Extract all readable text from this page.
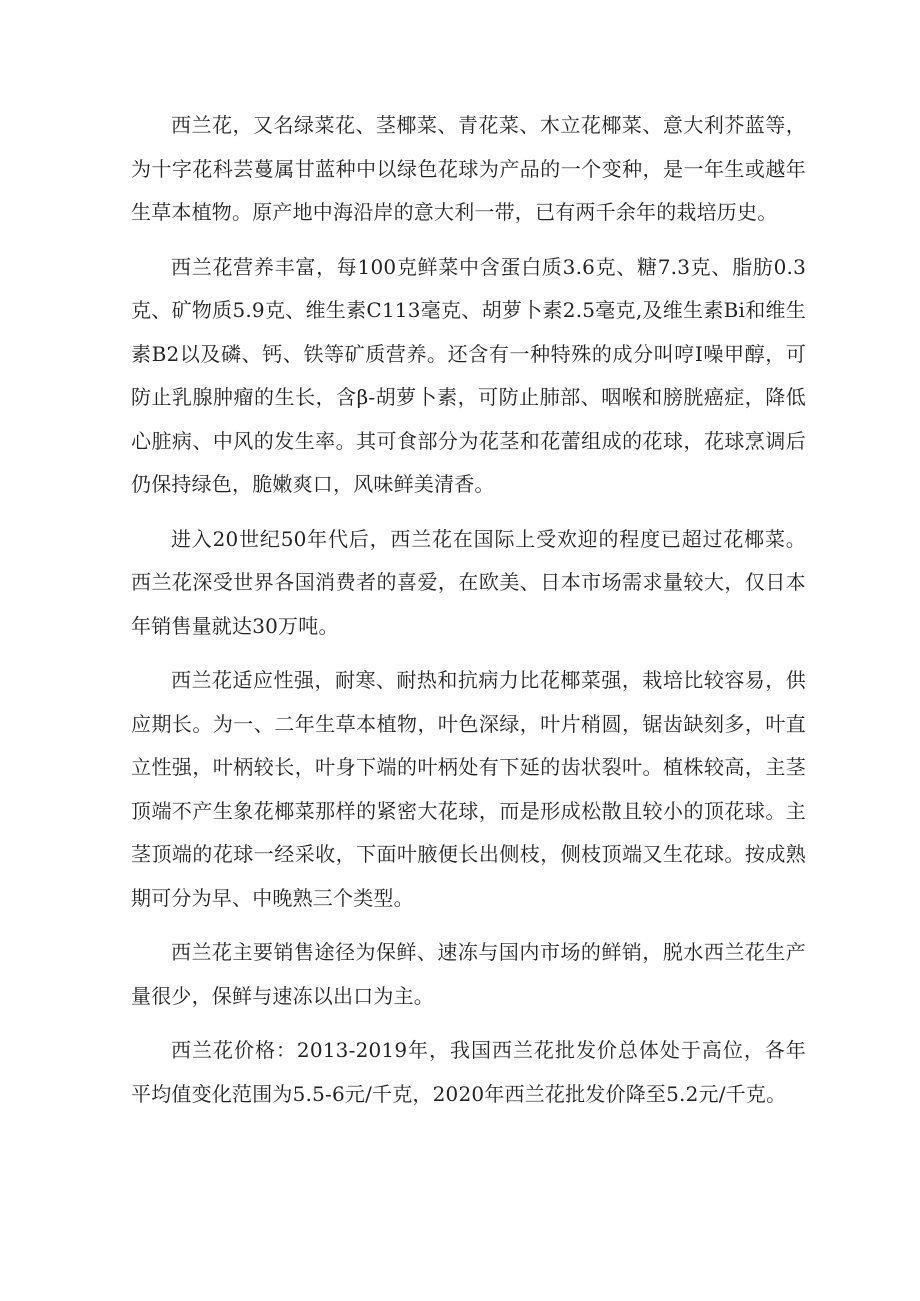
西兰花，又名绿菜花、茎椰菜、青花菜、木立花椰菜、意大利芥蓝等，为十字花科芸蔓属甘蓝种中以绿色花球为产品的一个变种，是一年生或越年生草本植物。原产地中海沿岸的意大利一带，已有两千余年的栽培历史。

西兰花营养丰富，每100克鲜菜中含蛋白质3.6克、糖7.3克、脂肪0.3克、矿物质5.9克、维生素C113毫克、胡萝卜素2.5毫克,及维生素Bi和维生素B2以及磷、钙、铁等矿质营养。还含有一种特殊的成分叫哼I噪甲醇，可防止乳腺肿瘤的生长，含β-胡萝卜素，可防止肺部、咽喉和膀胱癌症，降低心脏病、中风的发生率。其可食部分为花茎和花蕾组成的花球，花球烹调后仍保持绿色，脆嫩爽口，风味鲜美清香。

进入20世纪50年代后，西兰花在国际上受欢迎的程度已超过花椰菜。西兰花深受世界各国消费者的喜爱，在欧美、日本市场需求量较大，仅日本年销售量就达30万吨。

西兰花适应性强，耐寒、耐热和抗病力比花椰菜强，栽培比较容易，供应期长。为一、二年生草本植物，叶色深绿，叶片稍圆，锯齿缺刻多，叶直立性强，叶柄较长，叶身下端的叶柄处有下延的齿状裂叶。植株较高，主茎顶端不产生象花椰菜那样的紧密大花球，而是形成松散且较小的顶花球。主茎顶端的花球一经采收，下面叶腋便长出侧枝，侧枝顶端又生花球。按成熟期可分为早、中晚熟三个类型。

西兰花主要销售途径为保鲜、速冻与国内市场的鲜销，脱水西兰花生产量很少，保鲜与速冻以出口为主。

西兰花价格：2013-2019年，我国西兰花批发价总体处于高位，各年平均值变化范围为5.5-6元/千克，2020年西兰花批发价降至5.2元/千克。
